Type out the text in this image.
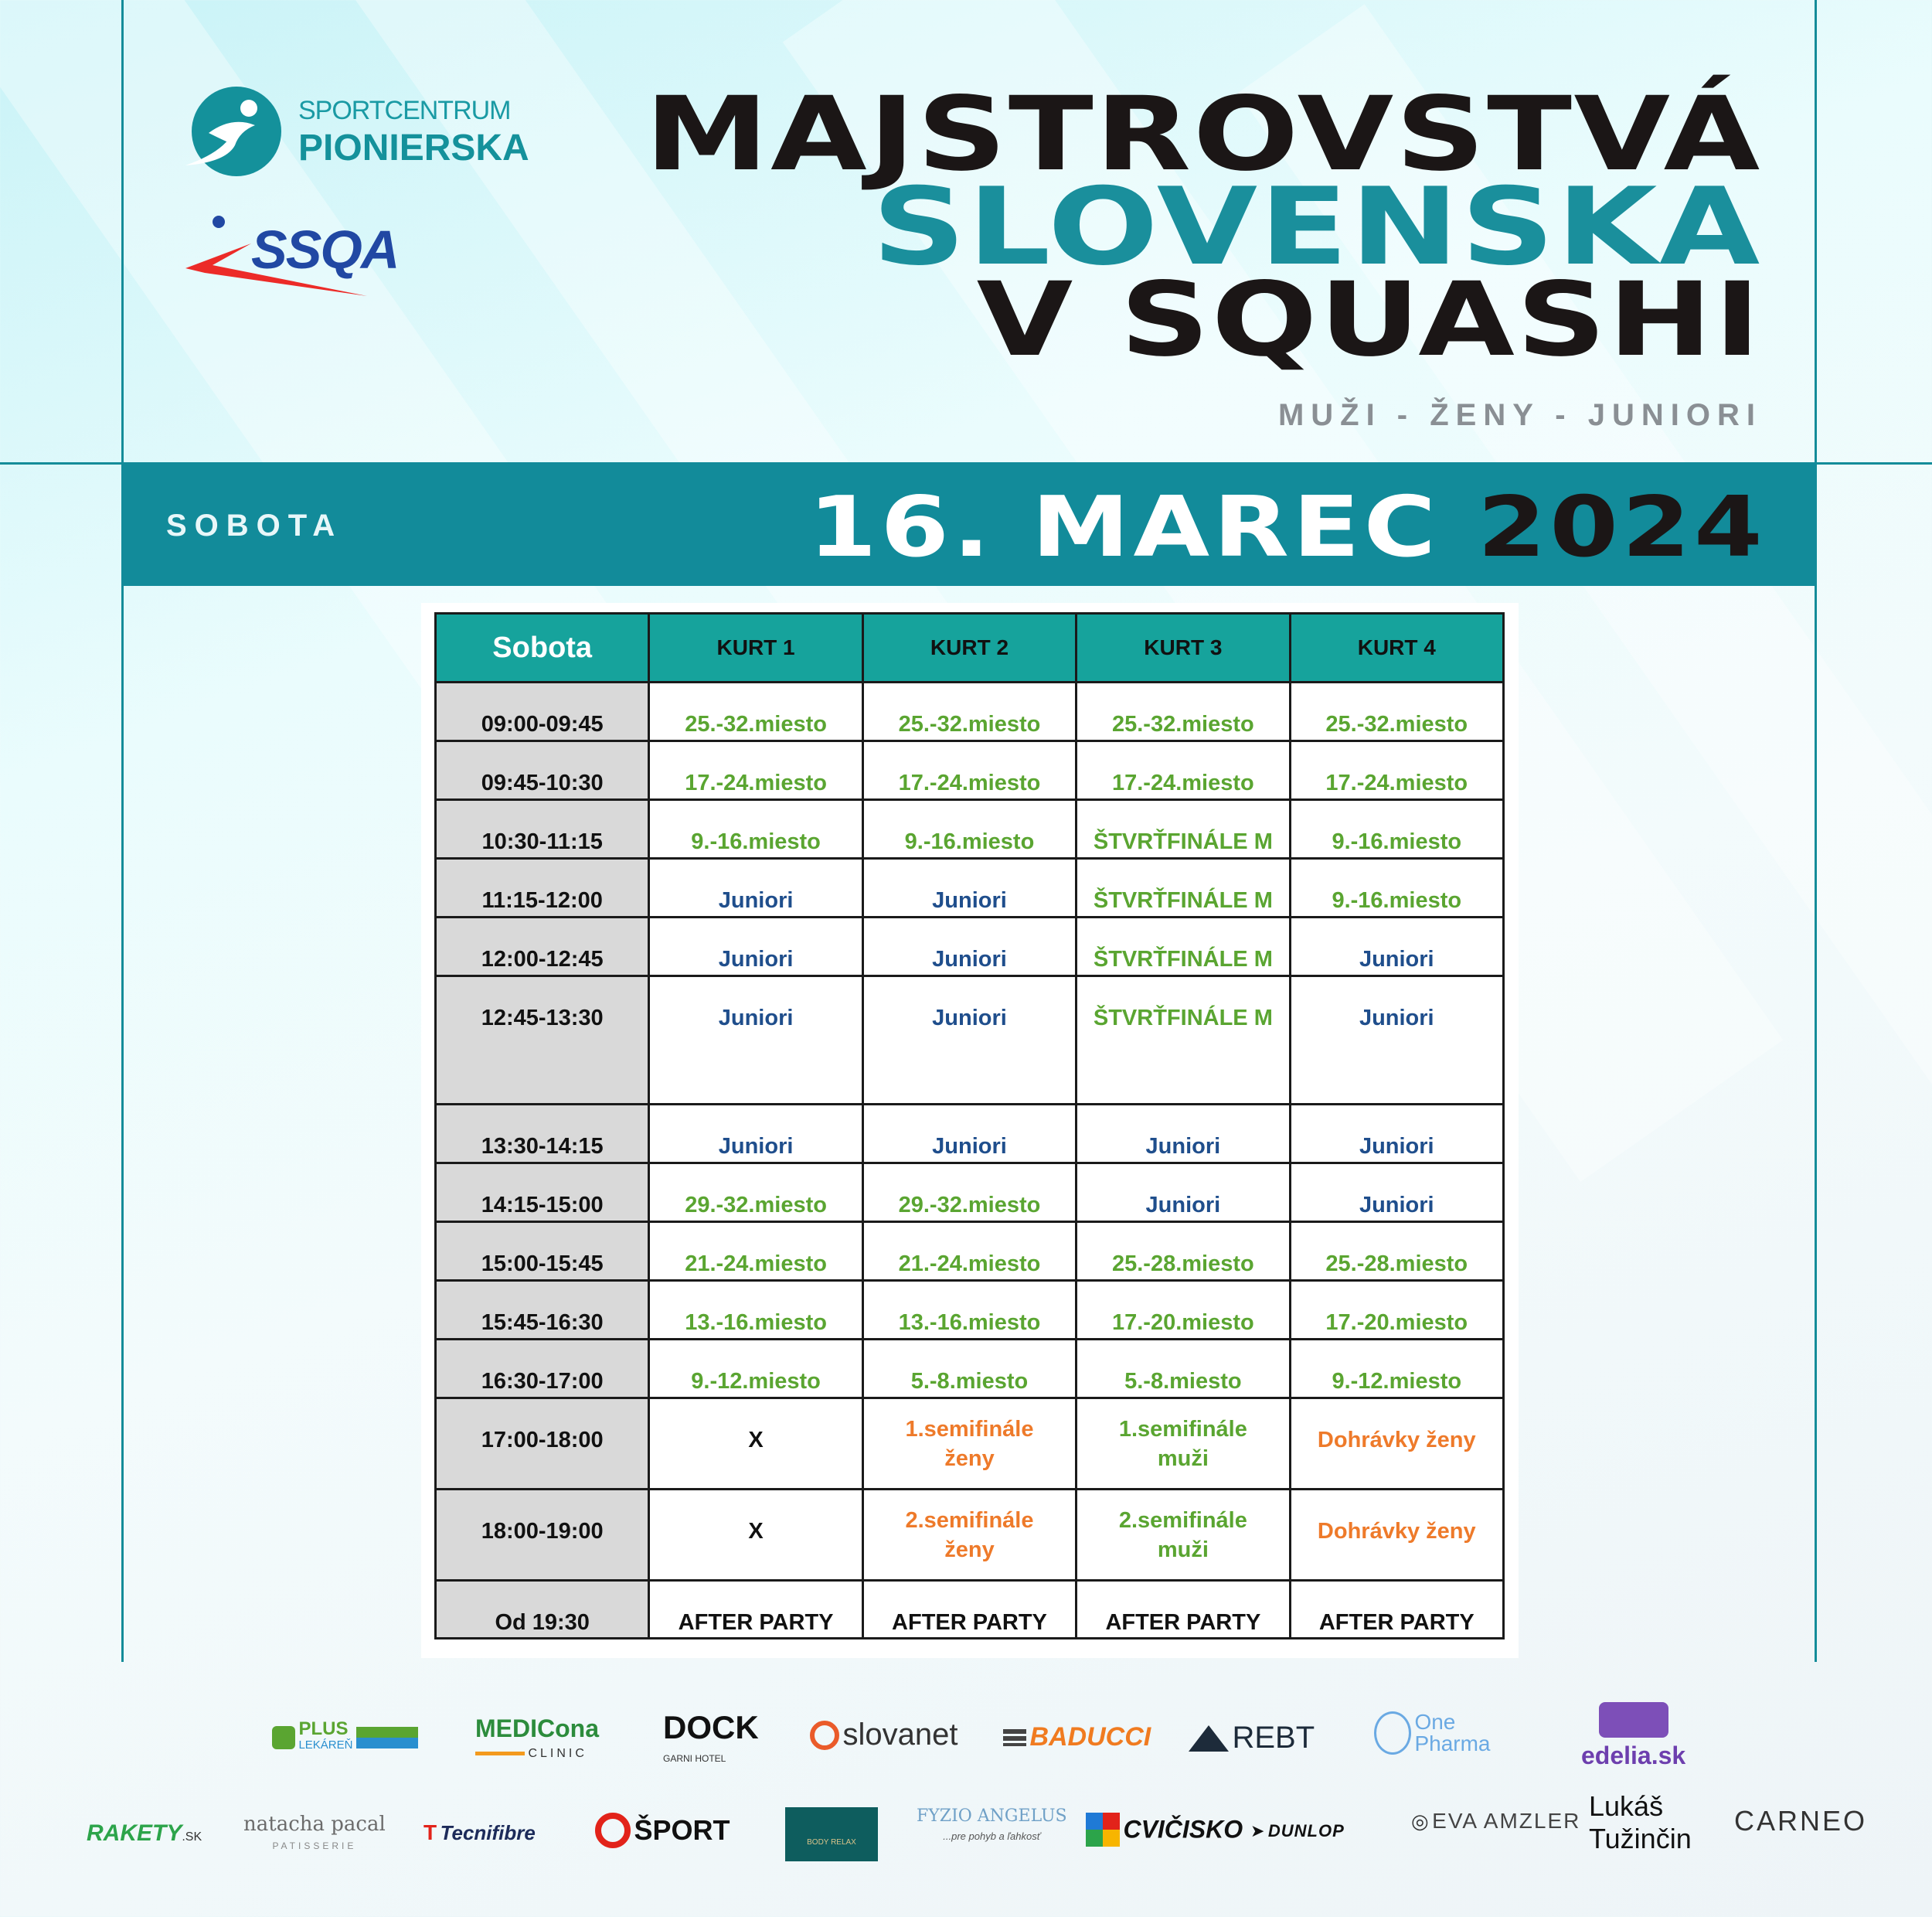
SPORTCENTRUM
PIONIERSKA
SSQA
MAJSTROVSTVÁ
SLOVENSKA
V SQUASHI
MUŽI - ŽENY - JUNIORI
SOBOTA	16. MAREC 2024
Sobota	KURT 1	KURT 2	KURT 3	KURT 4

09:00-09:45	25.-32.miesto	25.-32.miesto	25.-32.miesto	25.-32.miesto

09:45-10:30	17.-24.miesto	17.-24.miesto	17.-24.miesto	17.-24.miesto

10:30-11:15	9.-16.miesto	9.-16.miesto	ŠTVRŤFINÁLE M	9.-16.miesto

11:15-12:00	Juniori	Juniori	ŠTVRŤFINÁLE M	9.-16.miesto

12:00-12:45	Juniori	Juniori	ŠTVRŤFINÁLE M	Juniori

12:45-13:30	Juniori	Juniori	ŠTVRŤFINÁLE M	Juniori

13:30-14:15	Juniori	Juniori	Juniori	Juniori

14:15-15:00	29.-32.miesto	29.-32.miesto	Juniori	Juniori

15:00-15:45	21.-24.miesto	21.-24.miesto	25.-28.miesto	25.-28.miesto

15:45-16:30	13.-16.miesto	13.-16.miesto	17.-20.miesto	17.-20.miesto

16:30-17:00	9.-12.miesto	5.-8.miesto	5.-8.miesto	9.-12.miesto

17:00-18:00	X	1.semifinále
ženy	1.semifinále
muži	Dohrávky ženy

18:00-19:00	X	2.semifinále
ženy	2.semifinále
muži	Dohrávky ženy

Od 19:30	AFTER PARTY	AFTER PARTY	AFTER PARTY	AFTER PARTY
PLUS
LEKÁREŇ
MEDICona
CLINIC
DOCK
GARNI HOTEL
slovanet	BADUCCI	REBT	One
Pharma	edelia.sk
RAKETY.SK
natacha pacal
PATISSERIE
T Tecnifibre	ŠPORT	BODY RELAX
FYZIO ANGELUS
...pre pohyb a ľahkosť	CVIČISKO ➤ DUNLOP	◎ EVA AMZLER Lukáš
Tužinčin
CARNEO
